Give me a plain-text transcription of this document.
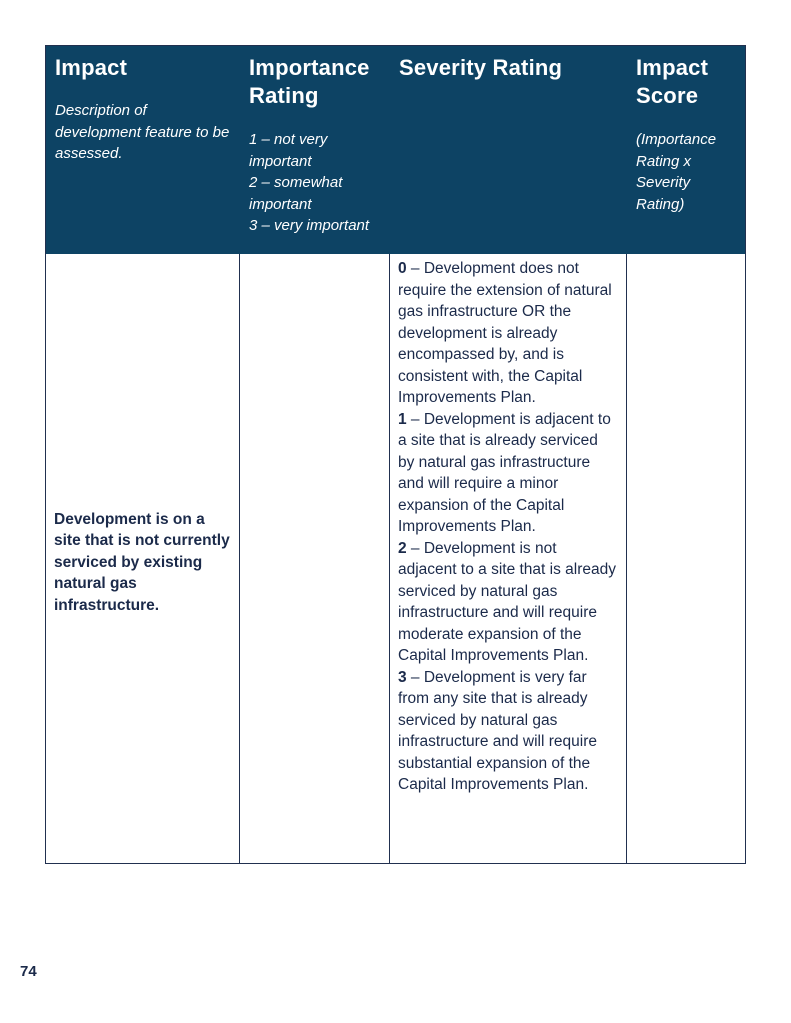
Impact
Description of development feature to be assessed.
Importance Rating
1 – not very important
2 – somewhat important
3 – very important
Severity Rating	Impact Score
(Importance Rating x Severity Rating)
Development is on a site that is not currently serviced by existing natural gas infrastructure.
0 – Development does not require the extension of natural gas infrastructure OR the development is already encompassed by, and is consistent with, the Capital Improvements Plan.
1 – Development is adjacent to a site that is already serviced by natural gas infrastructure and will require a minor expansion of the Capital Improvements Plan.
2 – Development is not adjacent to a site that is already serviced by natural gas infrastructure and will require moderate expansion of the Capital Improvements Plan.
3 – Development is very far from any site that is already serviced by natural gas infrastructure and will require substantial expansion of the Capital Improvements Plan.
74
